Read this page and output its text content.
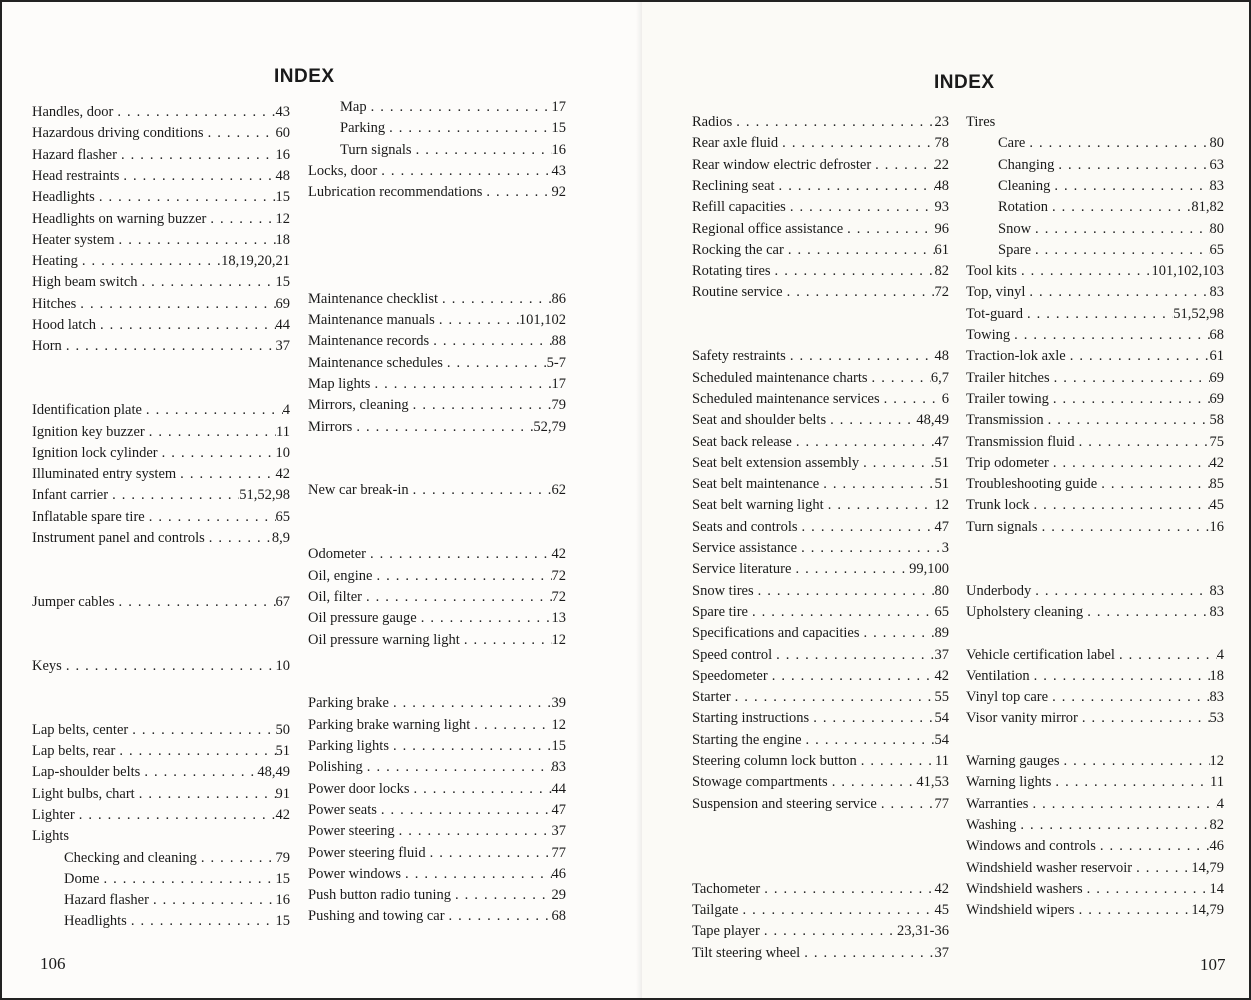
INDEX
Handles, door . . .	43
Hazardous driving conditions . . .	60
Hazard flasher . . .	16
Head restraints . . .	48
Headlights . . .	15
Headlights on warning buzzer . . .	12
Heater system . . .	18
Heating . . .	18,19,20,21
High beam switch . . .	15
Hitches . . .	69
Hood latch . . .	44
Horn . . .	37
Identification plate . . .	4
Ignition key buzzer . . .	11
Ignition lock cylinder . . .	10
Illuminated entry system . . .	42
Infant carrier . . .	51,52,98
Inflatable spare tire . . .	65
Instrument panel and controls . . .	8,9
Jumper cables . . .	67
Keys . . .	10
Lap belts, center . . .	50
Lap belts, rear . . .	51
Lap-shoulder belts . . .	48,49
Light bulbs, chart . . .	91
Lighter . . .	42
Lights
Checking and cleaning . . .	79
Dome . . .	15
Hazard flasher . . .	16
Headlights . . .	15
Map . . .	17
Parking . . .	15
Turn signals . . .	16
Locks, door . . .	43
Lubrication recommendations . . .	92
Maintenance checklist . . .	86
Maintenance manuals . . .	101,102
Maintenance records . . .	88
Maintenance schedules . . .	5-7
Map lights . . .	17
Mirrors, cleaning . . .	79
Mirrors . . .	52,79
New car break-in . . .	62
Odometer . . .	42
Oil, engine . . .	72
Oil, filter . . .	72
Oil pressure gauge . . .	13
Oil pressure warning light . . .	12
Parking brake . . .	39
Parking brake warning light . . .	12
Parking lights . . .	15
Polishing . . .	83
Power door locks . . .	44
Power seats . . .	47
Power steering . . .	37
Power steering fluid . . .	77
Power windows . . .	46
Push button radio tuning . . .	29
Pushing and towing car . . .	68
106
INDEX
Radios . . .	23
Rear axle fluid . . .	78
Rear window electric defroster . . .	22
Reclining seat . . .	48
Refill capacities . . .	93
Regional office assistance . . .	96
Rocking the car . . .	61
Rotating tires . . .	82
Routine service . . .	72
Safety restraints . . .	48
Scheduled maintenance charts . . .	6,7
Scheduled maintenance services . . .	6
Seat and shoulder belts . . .	48,49
Seat back release . . .	47
Seat belt extension assembly . . .	51
Seat belt maintenance . . .	51
Seat belt warning light . . .	12
Seats and controls . . .	47
Service assistance . . .	3
Service literature . . .	99,100
Snow tires . . .	80
Spare tire . . .	65
Specifications and capacities . . .	89
Speed control . . .	37
Speedometer . . .	42
Starter . . .	55
Starting instructions . . .	54
Starting the engine . . .	54
Steering column lock button . . .	11
Stowage compartments . . .	41,53
Suspension and steering service . . .	77
Tachometer . . .	42
Tailgate . . .	45
Tape player . . .	23,31-36
Tilt steering wheel . . .	37
Tires
Care . . .	80
Changing . . .	63
Cleaning . . .	83
Rotation . . .	81,82
Snow . . .	80
Spare . . .	65
Tool kits . . .	101,102,103
Top, vinyl . . .	83
Tot-guard . . .	51,52,98
Towing . . .	68
Traction-lok axle . . .	61
Trailer hitches . . .	69
Trailer towing . . .	69
Transmission . . .	58
Transmission fluid . . .	75
Trip odometer . . .	42
Troubleshooting guide . . .	85
Trunk lock . . .	45
Turn signals . . .	16
Underbody . . .	83
Upholstery cleaning . . .	83
Vehicle certification label . . .	4
Ventilation . . .	18
Vinyl top care . . .	83
Visor vanity mirror . . .	53
Warning gauges . . .	12
Warning lights . . .	11
Warranties . . .	4
Washing . . .	82
Windows and controls . . .	46
Windshield washer reservoir . . .	14,79
Windshield washers . . .	14
Windshield wipers . . .	14,79
107
